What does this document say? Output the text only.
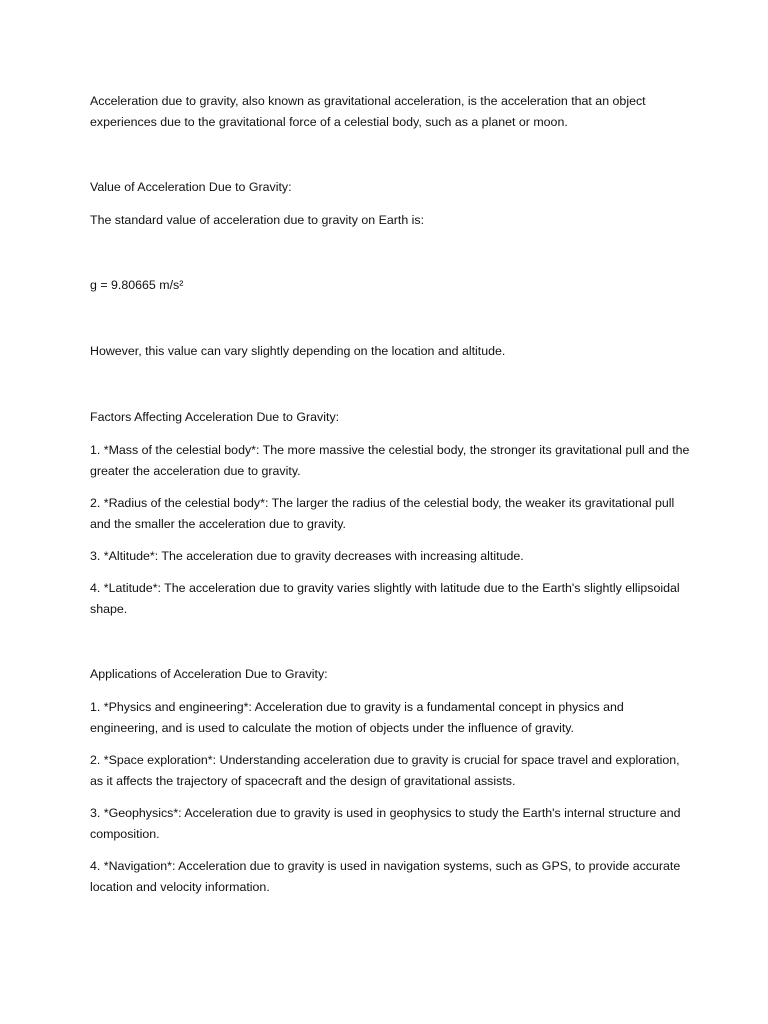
Acceleration due to gravity, also known as gravitational acceleration, is the acceleration that an object experiences due to the gravitational force of a celestial body, such as a planet or moon.

Value of Acceleration Due to Gravity:

The standard value of acceleration due to gravity on Earth is:

g = 9.80665 m/s²

However, this value can vary slightly depending on the location and altitude.

Factors Affecting Acceleration Due to Gravity:

1. *Mass of the celestial body*: The more massive the celestial body, the stronger its gravitational pull and the greater the acceleration due to gravity.

2. *Radius of the celestial body*: The larger the radius of the celestial body, the weaker its gravitational pull and the smaller the acceleration due to gravity.

3. *Altitude*: The acceleration due to gravity decreases with increasing altitude.

4. *Latitude*: The acceleration due to gravity varies slightly with latitude due to the Earth's slightly ellipsoidal shape.

Applications of Acceleration Due to Gravity:

1. *Physics and engineering*: Acceleration due to gravity is a fundamental concept in physics and engineering, and is used to calculate the motion of objects under the influence of gravity.

2. *Space exploration*: Understanding acceleration due to gravity is crucial for space travel and exploration, as it affects the trajectory of spacecraft and the design of gravitational assists.

3. *Geophysics*: Acceleration due to gravity is used in geophysics to study the Earth's internal structure and composition.

4. *Navigation*: Acceleration due to gravity is used in navigation systems, such as GPS, to provide accurate location and velocity information.
